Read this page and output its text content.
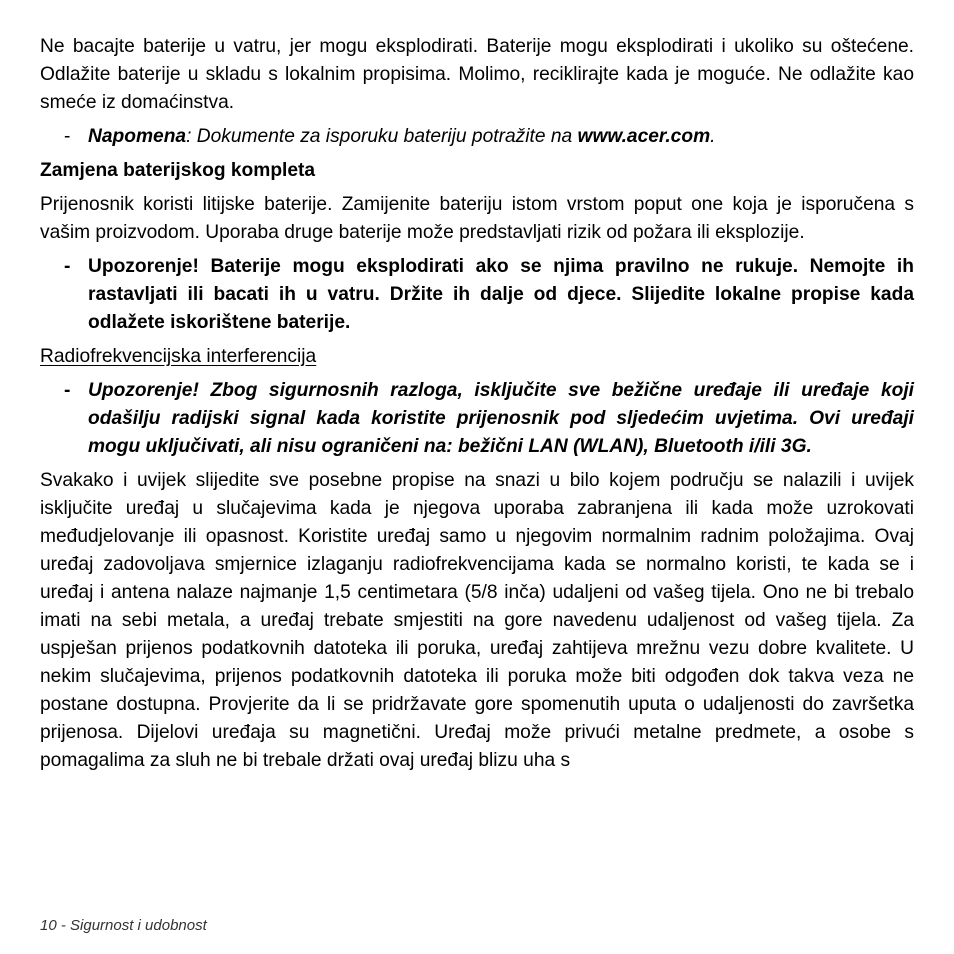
Ne bacajte baterije u vatru, jer mogu eksplodirati. Baterije mogu eksplodirati i ukoliko su oštećene. Odlažite baterije u skladu s lokalnim propisima. Molimo, reciklirajte kada je moguće. Ne odlažite kao smeće iz domaćinstva.

- Napomena: Dokumente za isporuku bateriju potražite na www.acer.com.

Zamjena baterijskog kompleta

Prijenosnik koristi litijske baterije. Zamijenite bateriju istom vrstom poput one koja je isporučena s vašim proizvodom. Uporaba druge baterije može predstavljati rizik od požara ili eksplozije.

- Upozorenje! Baterije mogu eksplodirati ako se njima pravilno ne rukuje. Nemojte ih rastavljati ili bacati ih u vatru. Držite ih dalje od djece. Slijedite lokalne propise kada odlažete iskorištene baterije.

Radiofrekvencijska interferencija

- Upozorenje! Zbog sigurnosnih razloga, isključite sve bežične uređaje ili uređaje koji odašilju radijski signal kada koristite prijenosnik pod sljedećim uvjetima. Ovi uređaji mogu uključivati, ali nisu ograničeni na: bežični LAN (WLAN), Bluetooth i/ili 3G.

Svakako i uvijek slijedite sve posebne propise na snazi u bilo kojem području se nalazili i uvijek isključite uređaj u slučajevima kada je njegova uporaba zabranjena ili kada može uzrokovati međudjelovanje ili opasnost. Koristite uređaj samo u njegovim normalnim radnim položajima. Ovaj uređaj zadovoljava smjernice izlaganju radiofrekvencijama kada se normalno koristi, te kada se i uređaj i antena nalaze najmanje 1,5 centimetara (5/8 inča) udaljeni od vašeg tijela. Ono ne bi trebalo imati na sebi metala, a uređaj trebate smjestiti na gore navedenu udaljenost od vašeg tijela. Za uspješan prijenos podatkovnih datoteka ili poruka, uređaj zahtijeva mrežnu vezu dobre kvalitete. U nekim slučajevima, prijenos podatkovnih datoteka ili poruka može biti odgođen dok takva veza ne postane dostupna. Provjerite da li se pridržavate gore spomenutih uputa o udaljenosti do završetka prijenosa. Dijelovi uređaja su magnetični. Uređaj može privući metalne predmete, a osobe s pomagalima za sluh ne bi trebale držati ovaj uređaj blizu uha s

10 - Sigurnost i udobnost
